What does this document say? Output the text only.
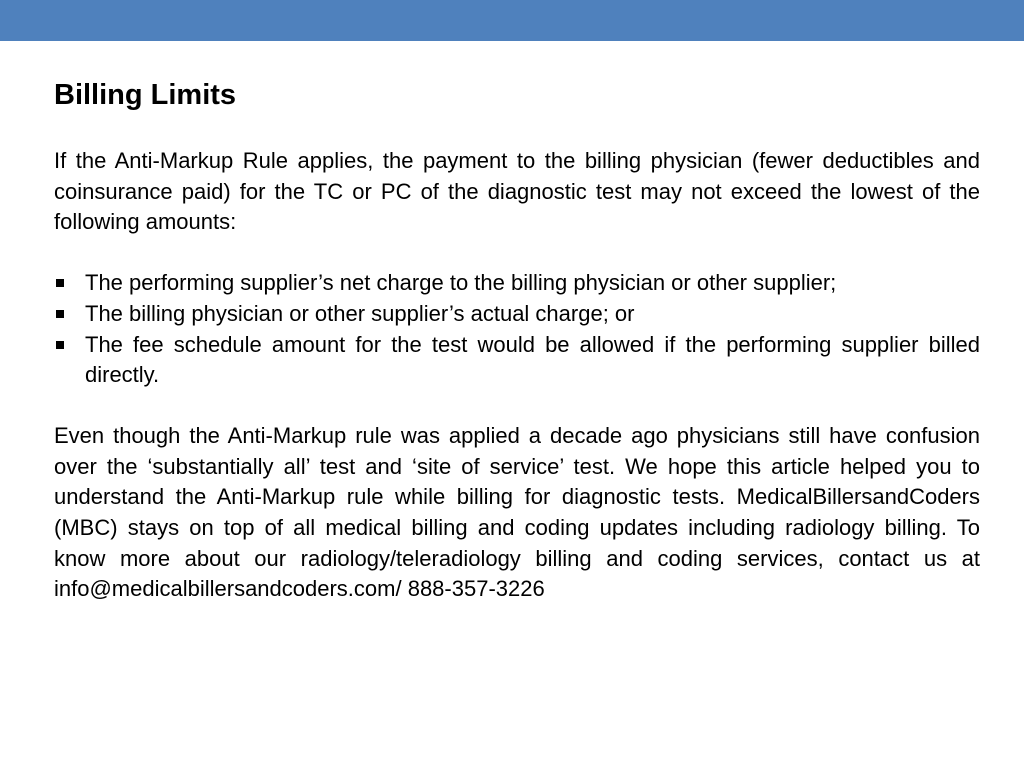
Billing Limits

If the Anti-Markup Rule applies, the payment to the billing physician (fewer deductibles and coinsurance paid) for the TC or PC of the diagnostic test may not exceed the lowest of the following amounts:

The performing supplier’s net charge to the billing physician or other supplier;
The billing physician or other supplier’s actual charge; or
The fee schedule amount for the test would be allowed if the performing supplier billed directly.

Even though the Anti-Markup rule was applied a decade ago physicians still have confusion over the ‘substantially all’ test and ‘site of service’ test. We hope this article helped you to understand the Anti-Markup rule while billing for diagnostic tests. MedicalBillersandCoders (MBC) stays on top of all medical billing and coding updates including radiology billing. To know more about our radiology/teleradiology billing and coding services, contact us at info@medicalbillersandcoders.com/ 888-357-3226
